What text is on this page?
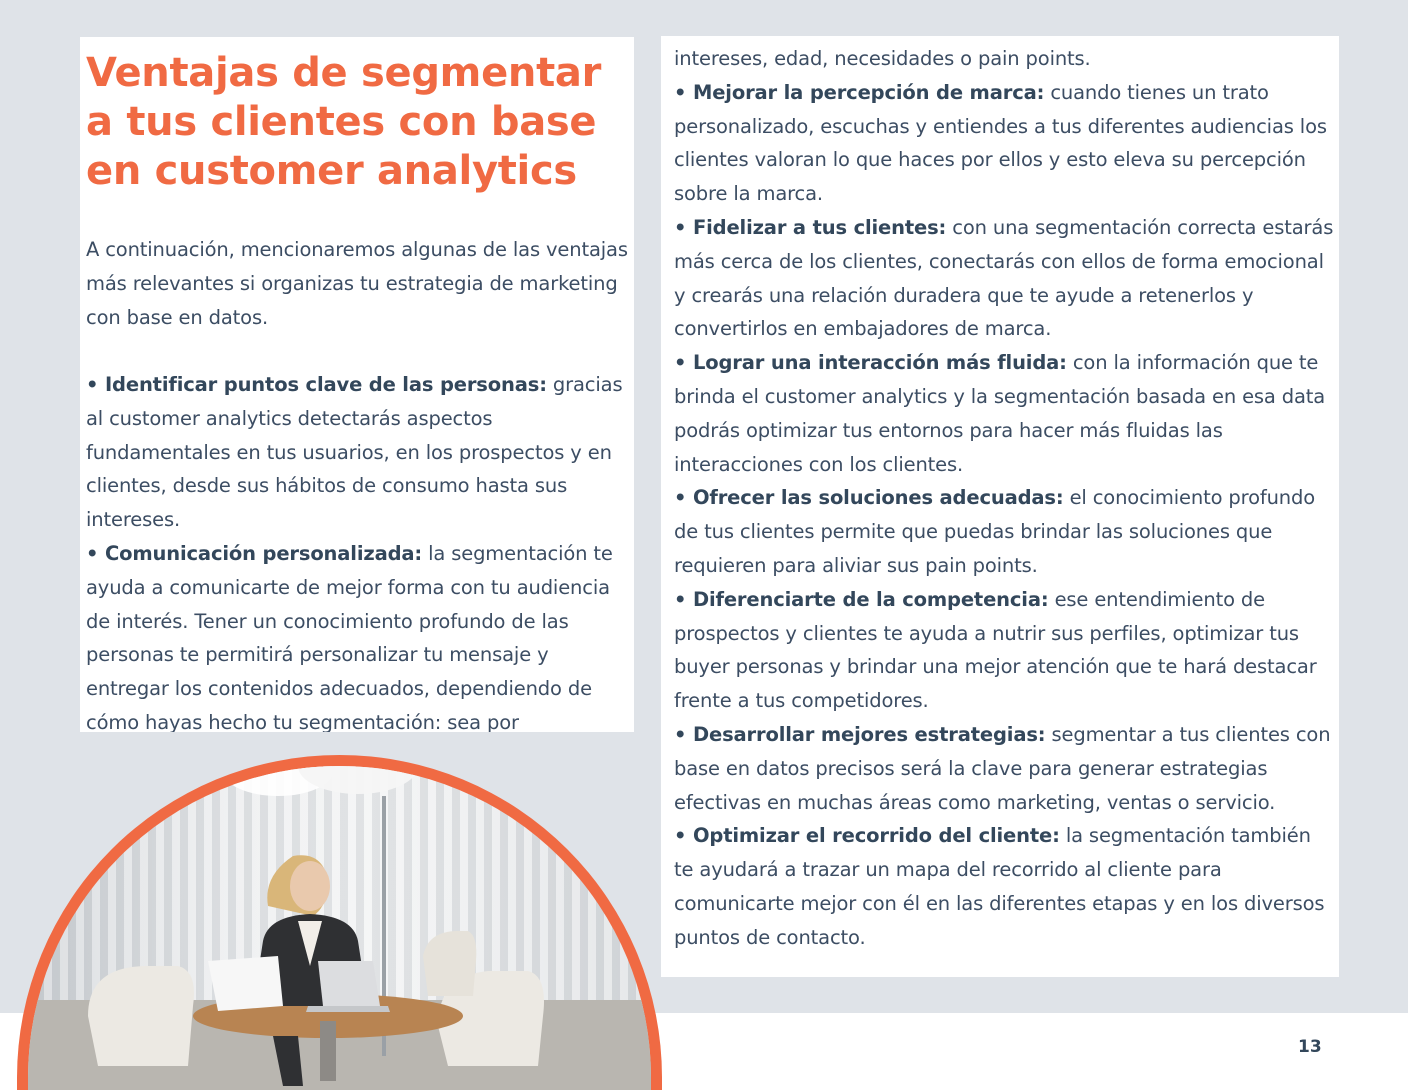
Ventajas de segmentar a tus clientes con base en customer analytics

A continuación, mencionaremos algunas de las ventajas más relevantes si organizas tu estrategia de marketing con base en datos.

• Identificar puntos clave de las personas: gracias al customer analytics detectarás aspectos fundamentales en tus usuarios, en los prospectos y en clientes, desde sus hábitos de consumo hasta sus intereses.

• Comunicación personalizada: la segmentación te ayuda a comunicarte de mejor forma con tu audiencia de interés. Tener un conocimiento profundo de las personas te permitirá personalizar tu mensaje y entregar los contenidos adecuados, dependiendo de cómo hayas hecho tu segmentación: sea por

intereses, edad, necesidades o pain points.

• Mejorar la percepción de marca: cuando tienes un trato personalizado, escuchas y entiendes a tus diferentes audiencias los clientes valoran lo que haces por ellos y esto eleva su percepción sobre la marca.

• Fidelizar a tus clientes: con una segmentación correcta estarás más cerca de los clientes, conectarás con ellos de forma emocional y crearás una relación duradera que te ayude a retenerlos y convertirlos en embajadores de marca.

• Lograr una interacción más fluida: con la información que te brinda el customer analytics y la segmentación basada en esa data podrás optimizar tus entornos para hacer más fluidas las interacciones con los clientes.

• Ofrecer las soluciones adecuadas: el conocimiento profundo de tus clientes permite que puedas brindar las soluciones que requieren para aliviar sus pain points.

• Diferenciarte de la competencia: ese entendimiento de prospectos y clientes te ayuda a nutrir sus perfiles, optimizar tus buyer personas y brindar una mejor atención que te hará destacar frente a tus competidores.

• Desarrollar mejores estrategias: segmentar a tus clientes con base en datos precisos será la clave para generar estrategias efectivas en muchas áreas como marketing, ventas o servicio.

• Optimizar el recorrido del cliente: la segmentación también te ayudará a trazar un mapa del recorrido al cliente para comunicarte mejor con él en las diferentes etapas y en los diversos puntos de contacto.

13
